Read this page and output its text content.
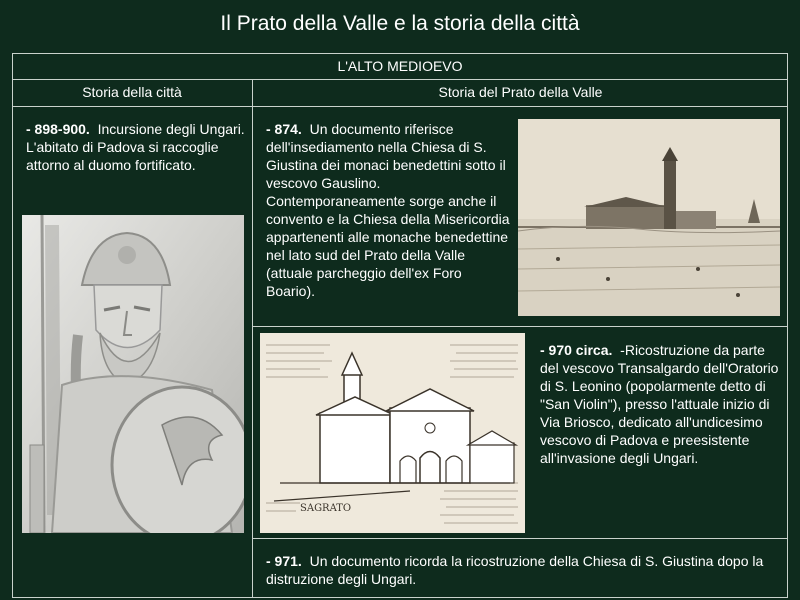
Il Prato della Valle e la storia della città
L'ALTO MEDIOEVO
Storia della città	Storia del Prato della Valle
- 898-900. Incursione degli Ungari. L'abitato di Padova si raccoglie attorno al duomo fortificato.
- 874. Un documento riferisce dell'insediamento nella Chiesa di S. Giustina dei monaci benedettini sotto il vescovo Gauslino. Contemporaneamente sorge anche il convento e la Chiesa della Misericordia appartenenti alle monache benedettine nel lato sud del Prato della Valle (attuale parcheggio dell'ex Foro Boario).
- 970 circa. -Ricostruzione da parte del vescovo Transalgardo dell'Oratorio di S. Leonino (popolarmente detto di "San Violin"), presso l'attuale inizio di Via Briosco, dedicato all'undicesimo vescovo di Padova e preesistente all'invasione degli Ungari.
- 971. Un documento ricorda la ricostruzione della Chiesa di S. Giustina dopo la distruzione degli Ungari.
SAGRATO
